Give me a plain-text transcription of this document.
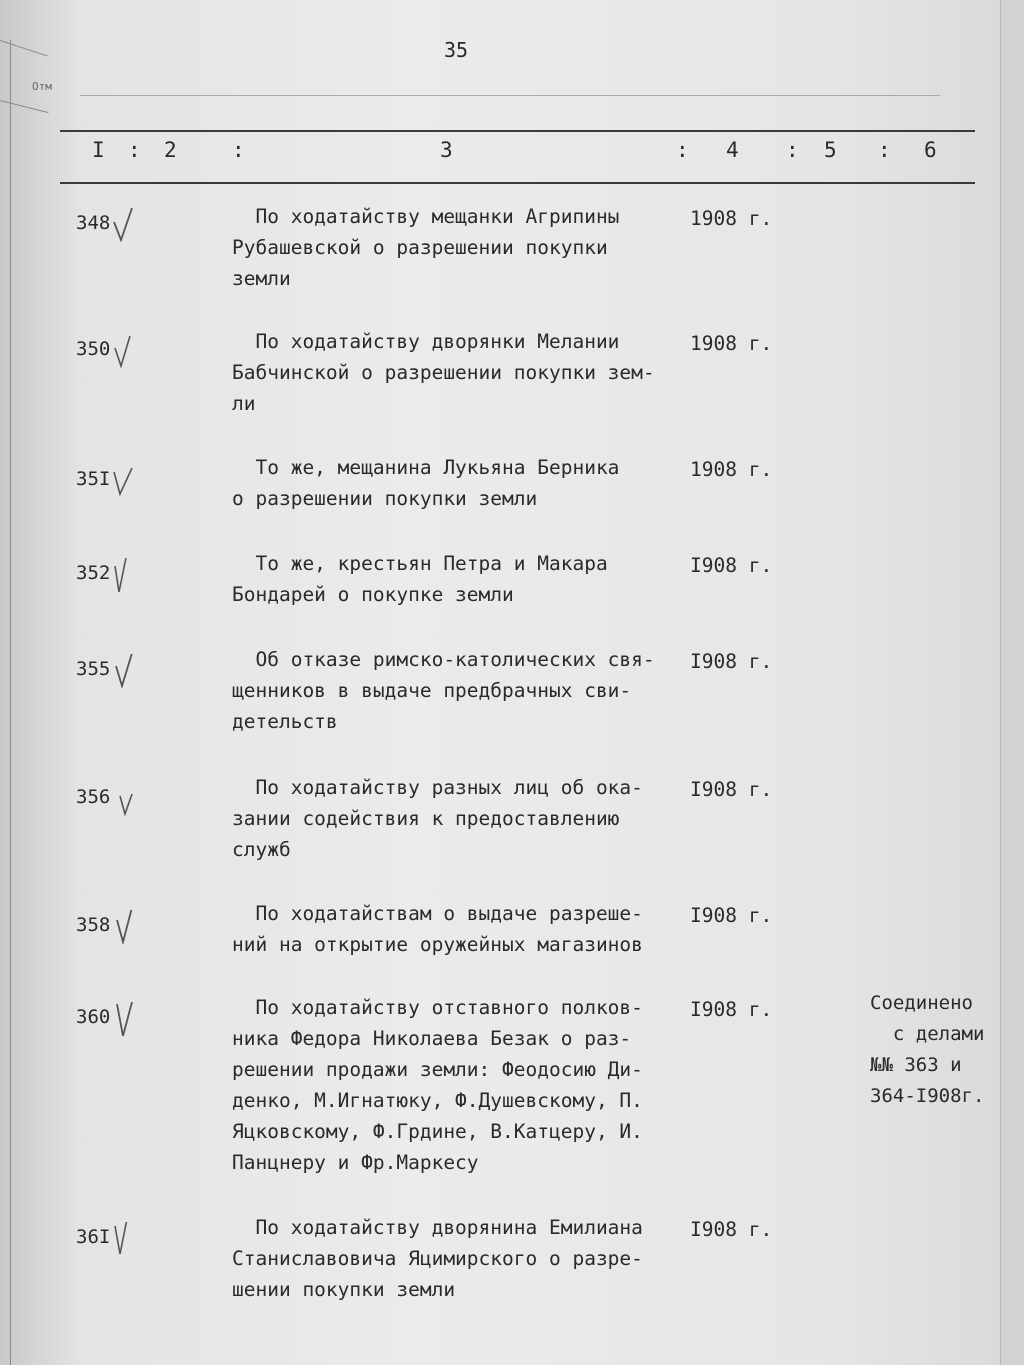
Отм
35
I : 2	:	3	: 4 : 5 : 6
348	По ходатайству мещанки Агрипины
Рубашевской о разрешении покупки
земли
1908 г.
350	По ходатайству дворянки Мелании
Бабчинской о разрешении покупки зем-
ли
1908 г.
35I	То же, мещанина Лукьяна Берника
о разрешении покупки земли
1908 г.
352	То же, крестьян Петра и Макара
Бондарей о покупке земли
I908 г.
355	Об отказе римско-католических свя-
щенников в выдаче предбрачных сви-
детельств
I908 г.
356	По ходатайству разных лиц об ока-
зании содействия к предоставлению
служб
I908 г.
358	По ходатайствам о выдаче разреше-
ний на открытие оружейных магазинов
I908 г.
360	По ходатайству отставного полков-
ника Федора Николаева Безак о раз-
решении продажи земли: Феодосию Ди-
денко, М.Игнатюку, Ф.Душевскому, П.
Яцковскому, Ф.Грдине, В.Катцеру, И.
Панцнеру и Фр.Маркесу
I908 г.	Соединено
с делами
№№ 363 и
364-I908г.
36I	По ходатайству дворянина Емилиана
Станиславовича Яцимирского о разре-
шении покупки земли
I908 г.
